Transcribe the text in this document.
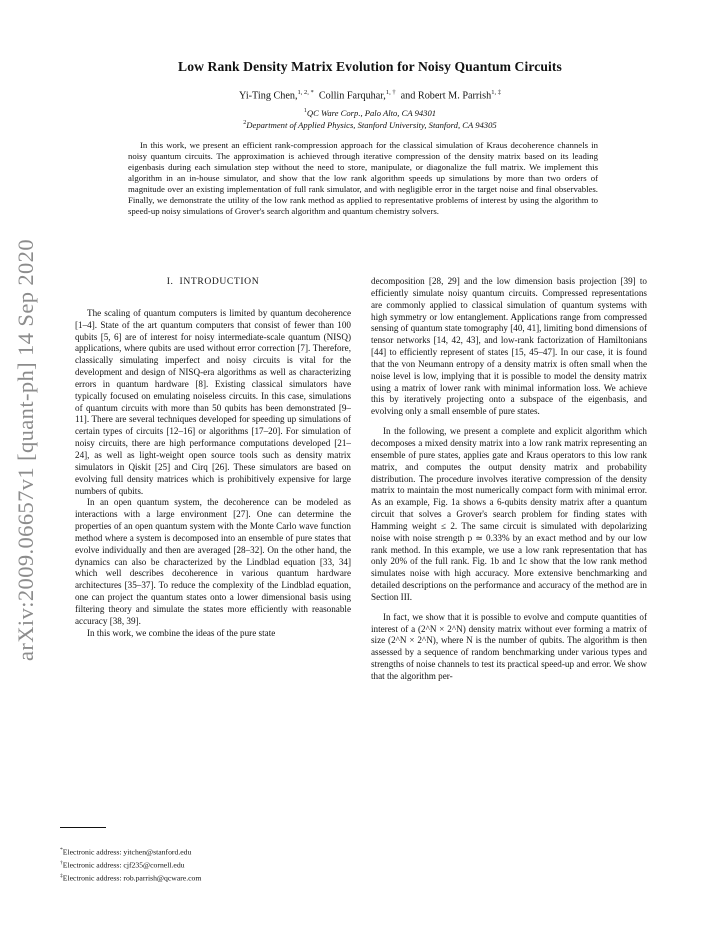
arXiv:2009.06657v1 [quant-ph] 14 Sep 2020
Low Rank Density Matrix Evolution for Noisy Quantum Circuits
Yi-Ting Chen,$^{1, 2, *}$ Collin Farquhar,$^{1, \dagger}$ and Robert M. Parrish$^{1, \ddagger}$
$^1$QC Ware Corp., Palo Alto, CA 94301
$^2$Department of Applied Physics, Stanford University, Stanford, CA 94305
In this work, we present an efficient rank-compression approach for the classical simulation of Kraus decoherence channels in noisy quantum circuits. The approximation is achieved through iterative compression of the density matrix based on its leading eigenbasis during each simulation step without the need to store, manipulate, or diagonalize the full matrix. We implement this algorithm in an in-house simulator, and show that the low rank algorithm speeds up simulations by more than two orders of magnitude over an existing implementation of full rank simulator, and with negligible error in the target noise and final observables. Finally, we demonstrate the utility of the low rank method as applied to representative problems of interest by using the algorithm to speed-up noisy simulations of Grover's search algorithm and quantum chemistry solvers.
I. INTRODUCTION

The scaling of quantum computers is limited by quantum decoherence [1–4]. State of the art quantum computers that consist of fewer than 100 qubits [5, 6] are of interest for noisy intermediate-scale quantum (NISQ) applications, where qubits are used without error correction [7]. Therefore, classically simulating imperfect and noisy circuits is vital for the development and design of NISQ-era algorithms as well as characterizing errors in quantum hardware [8]. Existing classical simulators have typically focused on emulating noiseless circuits. In this case, simulations of quantum circuits with more than 50 qubits has been demonstrated [9–11]. There are several techniques developed for speeding up simulations of certain types of circuits [12–16] or algorithms [17–20]. For simulation of noisy circuits, there are high performance computations developed [21–24], as well as light-weight open source tools such as density matrix simulators in Qiskit [25] and Cirq [26]. These simulators are based on evolving full density matrices which is prohibitively expensive for large numbers of qubits.

In an open quantum system, the decoherence can be modeled as interactions with a large environment [27]. One can determine the properties of an open quantum system with the Monte Carlo wave function method where a system is decomposed into an ensemble of pure states that evolve individually and then are averaged [28–32]. On the other hand, the dynamics can also be characterized by the Lindblad equation [33, 34] which well describes decoherence in various quantum hardware architectures [35–37]. To reduce the complexity of the Lindblad equation, one can project the quantum states onto a lower dimensional basis using filtering theory and simulate the states more efficiently with reasonable accuracy [38, 39].

In this work, we combine the ideas of the pure state

decomposition [28, 29] and the low dimension basis projection [39] to efficiently simulate noisy quantum circuits. Compressed representations are commonly applied to classical simulation of quantum systems with high symmetry or low entanglement. Applications range from compressed sensing of quantum state tomography [40, 41], limiting bond dimensions of tensor networks [14, 42, 43], and low-rank factorization of Hamiltonians [44] to efficiently represent of states [15, 45–47]. In our case, it is found that the von Neumann entropy of a density matrix is often small when the noise level is low, implying that it is possible to model the density matrix using a matrix of lower rank with minimal information loss. We achieve this by iteratively projecting onto a subspace of the eigenbasis, and evolving only a small ensemble of pure states.

In the following, we present a complete and explicit algorithm which decomposes a mixed density matrix into a low rank matrix representing an ensemble of pure states, applies gate and Kraus operators to this low rank matrix, and computes the output density matrix and probability distribution. The procedure involves iterative compression of the density matrix to maintain the most numerically compact form with minimal error. As an example, Fig. 1a shows a 6-qubits density matrix after a quantum circuit that solves a Grover's search problem for finding states with Hamming weight ≤ 2. The same circuit is simulated with depolarizing noise with noise strength p ≃ 0.33% by an exact method and by our low rank method. In this example, we use a low rank representation that has only 20% of the full rank. Fig. 1b and 1c show that the low rank method simulates noise with high accuracy. More extensive benchmarking and detailed descriptions on the performance and accuracy of the method are in Section III.

In fact, we show that it is possible to evolve and compute quantities of interest of a (2^N × 2^N) density matrix without ever forming a matrix of size (2^N × 2^N), where N is the number of qubits. The algorithm is then assessed by a sequence of random benchmarking under various types and strengths of noise channels to test its practical speed-up and error. We show that the algorithm per-

*Electronic address: yitchen@stanford.edu
†Electronic address: cjf235@cornell.edu
‡Electronic address: rob.parrish@qcware.com
